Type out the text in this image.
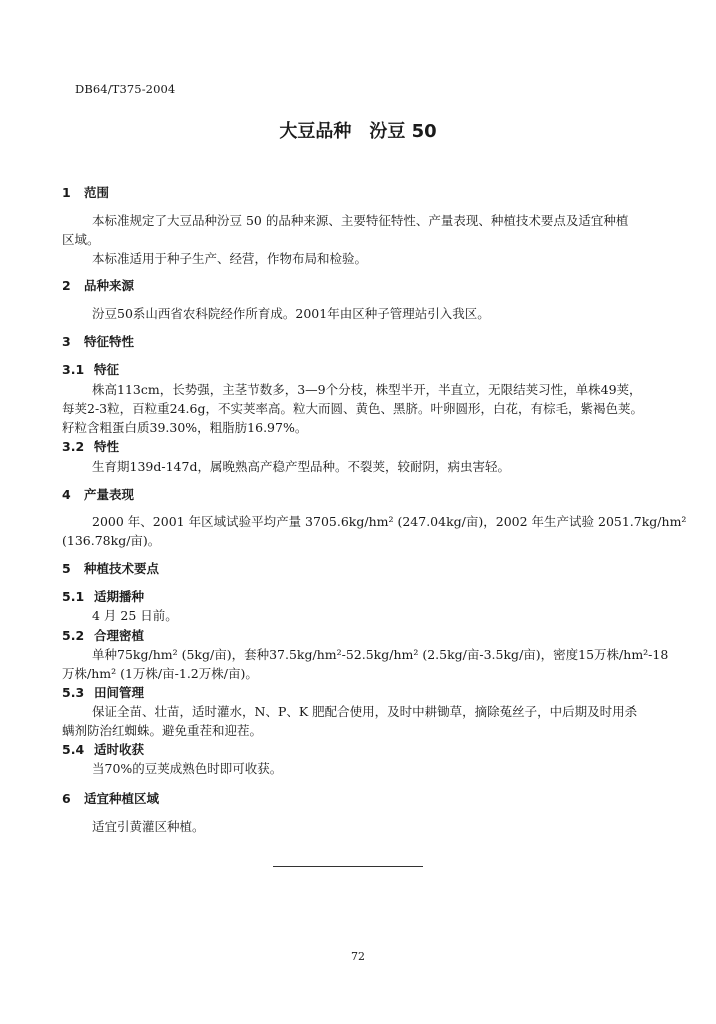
DB64/T375-2004
大豆品种　汾豆 50
1 范围
本标准规定了大豆品种汾豆 50 的品种来源、主要特征特性、产量表现、种植技术要点及适宜种植
区域。
本标准适用于种子生产、经营，作物布局和检验。
2 品种来源
汾豆50系山西省农科院经作所育成。2001年由区种子管理站引入我区。
3 特征特性
3.1 特征
株高113cm，长势强，主茎节数多，3—9个分枝，株型半开，半直立，无限结荚习性，单株49荚，
每荚2-3粒，百粒重24.6g，不实荚率高。粒大而圆、黄色、黑脐。叶卵圆形，白花，有棕毛，紫褐色荚。
籽粒含粗蛋白质39.30%，粗脂肪16.97%。
3.2 特性
生育期139d-147d，属晚熟高产稳产型品种。不裂荚，较耐阴，病虫害轻。
4 产量表现
2000 年、2001 年区域试验平均产量 3705.6kg/hm² (247.04kg/亩)，2002 年生产试验 2051.7kg/hm²
(136.78kg/亩)。
5 种植技术要点
5.1 适期播种
4 月 25 日前。
5.2 合理密植
单种75kg/hm² (5kg/亩)，套种37.5kg/hm²-52.5kg/hm² (2.5kg/亩-3.5kg/亩)，密度15万株/hm²-18
万株/hm² (1万株/亩-1.2万株/亩)。
5.3 田间管理
保证全苗、壮苗，适时灌水，N、P、K 肥配合使用，及时中耕锄草，摘除菟丝子，中后期及时用杀
螨剂防治红蜘蛛。避免重茬和迎茬。
5.4 适时收获
当70%的豆荚成熟色时即可收获。
6 适宜种植区域
适宜引黄灌区种植。
72
